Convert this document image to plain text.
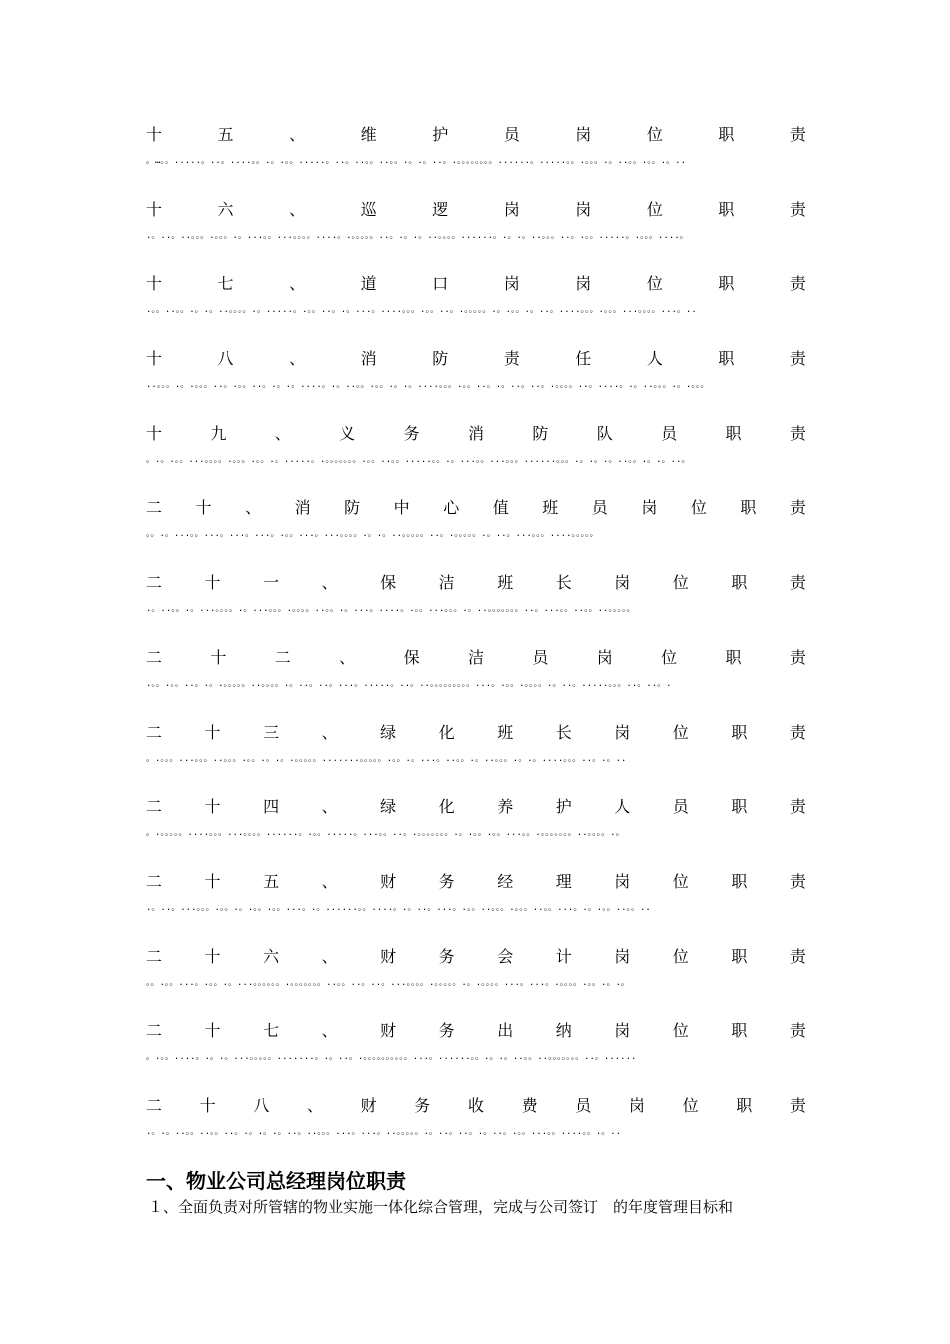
十	五	、	维	护	员	岗	位	职	责
。…。。.....。..。....。。.。.。。.....。..。..。。..。。.。.。..。.。。。。。。。。......。.....。。.。。。.。..。。.。。.。..
十	六	、	巡	逻	岗	岗	位	职	责
.。..。..。。。.。。。.。...。。...。。。。....。.。。。。。..。.。.。..。。。。......。.。.。..。。。..。.。。.....。.。。。....。
十	七	、	道	口	岗	岗	位	职	责
.。。..。。.。.。..。。。。.。.....。.。。..。.。...。....。。。.。。..。.。。。。。.。.。。.。..。....。。。.。。。...。。。。...。..
十	八	、	消	防	责	任	人	职	责
..。。。.。.。。。..。.。。..。.。.。....。.。..。。.。。.。.。....。。。.。。..。.。..。..。.。。。。..。....。.。..。。。.。.。。。
十	九	、	义	务	消	防	队	员	职	责
。.。.。。...。。。。.。。。.。。.。.....。.。。。。。。。.。。..。。.....。。.。...。。...。。。......。。。.。.。.。..。。.。.。..。
二 十 、 消 防 中 心 值 班 员 岗 位 职 责
。。.。...。。...。...。...。.。。...。...。。。。.。.。..。。。。。..。.。。。。。.。..。...。。。....。。。。。
二	十	一	、	保	洁	班	长	岗	位	职	责
.。..。。.。...。。。。.。...。。。.。。。。..。。.。...。....。.。。...。。。.。..。。。。。。。..。...。。..。。..。。。。。
二	十	二	、	保	洁	员	岗	位	职	责
.。。.。。..。.。.。。。。。..。。。。.。..。..。...。.....。..。..。。。。。。。。。...。.。。.。。。。.。..。.....。。。..。..。.
二	十	三	、	绿	化	班	长	岗	位	职	责
。.。。。...。。。..。。。.。。.。.。.。。。。。.......。。。。。.。。.。...。..。。.。..。。。.。.。....。。。..。.。..
二	十	四	、	绿	化	养	护	人	员	职	责
。.。。。。。....。。。...。。。。......。.。。.....。...。。..。.。。。。。。。.。.。。.。。...。。.。。。。。。。..。。。。.。
二	十	五	、	财	务	经	理	岗	位	职	责
.。..。...。。。.。。.。.。。.。。...。.。......。。....。.。..。...。.。。..。。。.。。。..。。...。.。.。。..。。..
二	十	六	、	财	务	会	计	岗	位	职	责
。。.。。...。.。。.。...。。。。。。.。。。。。。。..。。..。..。...。。。。.。。。。。.。.。。。。...。...。.。。。。.。。.。.。
二	十	七	、	财	务	出	纳	岗	位	职	责
。.。。....。.。.。...。。。。。.......。.。..。.。。。。。。。。。。...。......。。.。.。..。。..。。。。。。。..。......
二 十 八 、 财 务 收 费 员 岗 位 职 责
.。.。..。。..。。..。.。.。.。..。..。。。...。...。..。。。。。.。..。..。.。..。.。。...。。....。。.。..
一、物业公司总经理岗位职责
１、全面负责对所管辖的物业实施一体化综合管理，完成与公司签订　的年度管理目标和
